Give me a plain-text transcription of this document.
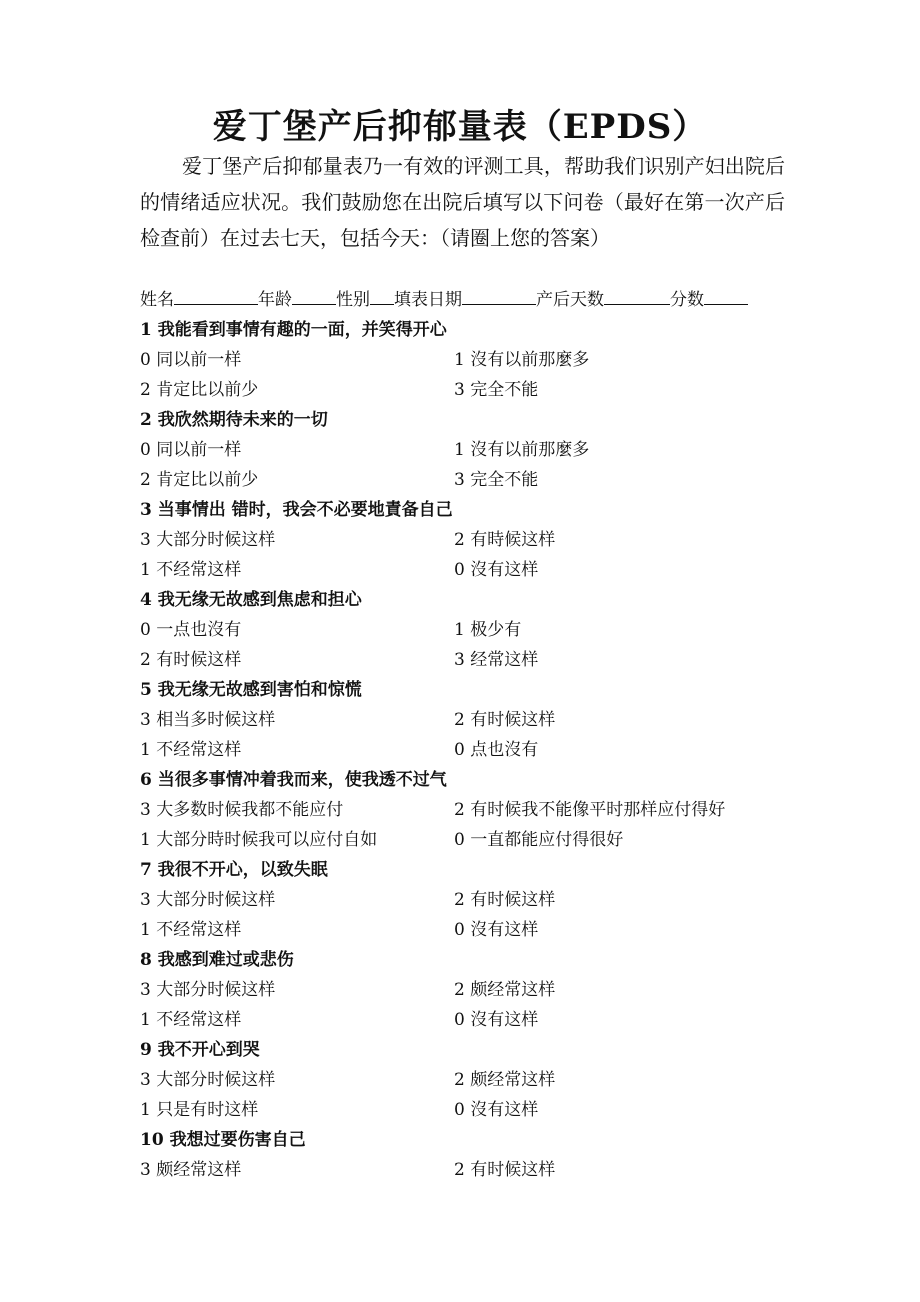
爱丁堡产后抑郁量表（EPDS）

爱丁堡产后抑郁量表乃一有效的评测工具，帮助我们识别产妇出院后的情绪适应状况。我们鼓励您在出院后填写以下问卷（最好在第一次产后检查前）在过去七天，包括今天：（请圈上您的答案）

姓名	年龄	性别 填表日期	产后天数	分数
1 我能看到事情有趣的一面，并笑得开心
0 同以前一样	1 沒有以前那麼多
2 肯定比以前少	3 完全不能
2 我欣然期待未来的一切
0 同以前一样	1 沒有以前那麼多
2 肯定比以前少	3 完全不能
3 当事情出 错时，我会不必要地責备自己
3 大部分时候这样	2 有時候这样
1 不经常这样	0 沒有这样
4 我无缘无故感到焦虑和担心
0 一点也沒有	1 极少有
2 有时候这样	3 经常这样
5 我无缘无故感到害怕和惊慌
3 相当多时候这样	2 有时候这样
1 不经常这样	0 点也沒有
6 当很多事情冲着我而来，使我透不过气
3 大多数时候我都不能应付	2 有时候我不能像平时那样应付得好
1 大部分時时候我可以应付自如	0 一直都能应付得很好
7 我很不开心，以致失眠
3 大部分时候这样	2 有时候这样
1 不经常这样	0 沒有这样
8 我感到难过或悲伤
3 大部分时候这样	2 颇经常这样
1 不经常这样	0 沒有这样
9 我不开心到哭
3 大部分时候这样	2 颇经常这样
1 只是有时这样	0 沒有这样
10 我想过要伤害自己
3 颇经常这样	2 有时候这样
